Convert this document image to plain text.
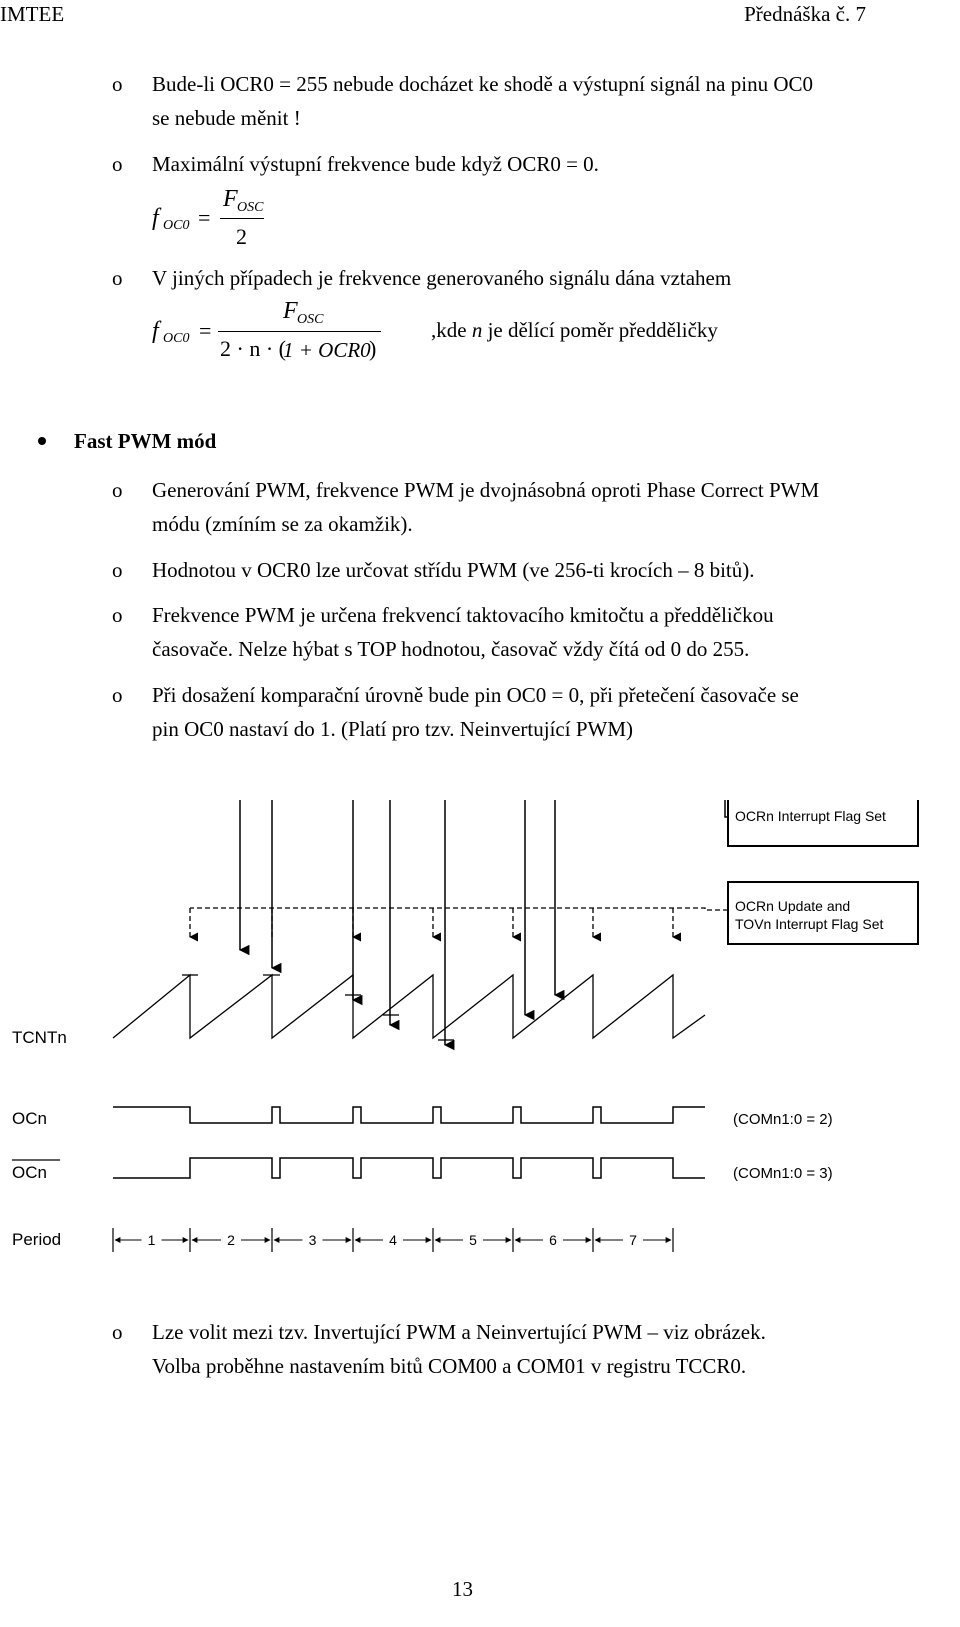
IMTEE	Přednáška č. 7
o Bude-li OCR0 = 255 nebude docházet ke shodě a výstupní signál na pinu OC0
se nebude měnit !
o Maximální výstupní frekvence bude když OCR0 = 0.
f OC0 =
F OSC
2
o V jiných případech je frekvence generovaného signálu dána vztahem
f OC0 =
F OSC
2 · n · (
1 + OCR0
)
,kde n je dělící poměr předděličky
Fast PWM mód
o Generování PWM, frekvence PWM je dvojnásobná oproti Phase Correct PWM
módu (zmíním se za okamžik).
o Hodnotou v OCR0 lze určovat střídu PWM (ve 256-ti krocích – 8 bitů).
o Frekvence PWM je určena frekvencí taktovacího kmitočtu a předděličkou
časovače. Nelze hýbat s TOP hodnotou, časovač vždy čítá od 0 do 255.
o Při dosažení komparační úrovně bude pin OC0 = 0, při přetečení časovače se
pin OC0 nastaví do 1. (Platí pro tzv. Neinvertující PWM)
OCRn Interrupt Flag Set
OCRn Update and
TOVn Interrupt Flag Set
TCNTn
OCn
OCn
Period
(COMn1:0 = 2)
(COMn1:0 = 3)
1	2	3	4	5	6	7
o Lze volit mezi tzv. Invertující PWM a Neinvertující PWM – viz obrázek.
Volba proběhne nastavením bitů COM00 a COM01 v registru TCCR0.
13
